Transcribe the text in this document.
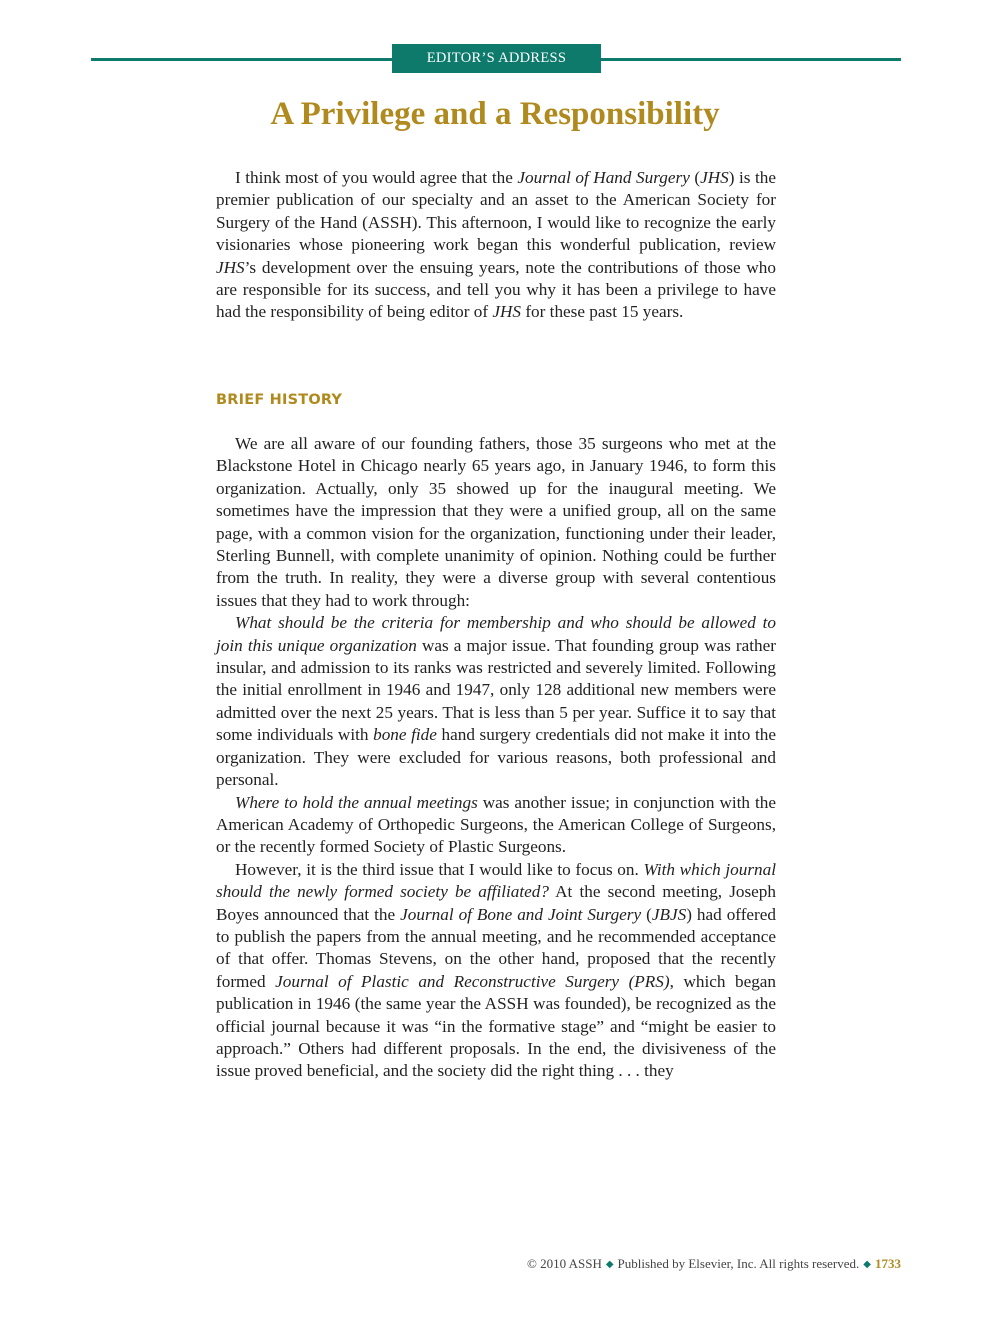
EDITOR’S ADDRESS
A Privilege and a Responsibility

I think most of you would agree that the Journal of Hand Surgery (JHS) is the premier publication of our specialty and an asset to the American Society for Surgery of the Hand (ASSH). This afternoon, I would like to recognize the early visionaries whose pioneering work began this wonderful publication, review JHS’s development over the ensuing years, note the contributions of those who are responsible for its success, and tell you why it has been a privilege to have had the responsibility of being editor of JHS for these past 15 years.

BRIEF HISTORY

We are all aware of our founding fathers, those 35 surgeons who met at the Blackstone Hotel in Chicago nearly 65 years ago, in January 1946, to form this organization. Actually, only 35 showed up for the inaugural meeting. We sometimes have the impression that they were a unified group, all on the same page, with a common vision for the organization, functioning under their leader, Sterling Bunnell, with complete unanimity of opinion. Nothing could be further from the truth. In reality, they were a diverse group with several contentious issues that they had to work through:

What should be the criteria for membership and who should be allowed to join this unique organization was a major issue. That founding group was rather insular, and admission to its ranks was restricted and severely limited. Following the initial enrollment in 1946 and 1947, only 128 additional new members were admitted over the next 25 years. That is less than 5 per year. Suffice it to say that some individuals with bone fide hand surgery credentials did not make it into the organization. They were excluded for various reasons, both professional and personal.

Where to hold the annual meetings was another issue; in conjunction with the American Academy of Orthopedic Surgeons, the American College of Surgeons, or the recently formed Society of Plastic Surgeons.

However, it is the third issue that I would like to focus on. With which journal should the newly formed society be affiliated? At the second meeting, Joseph Boyes announced that the Journal of Bone and Joint Surgery (JBJS) had offered to publish the papers from the annual meeting, and he recommended acceptance of that offer. Thomas Stevens, on the other hand, proposed that the recently formed Journal of Plastic and Reconstructive Surgery (PRS), which began publication in 1946 (the same year the ASSH was founded), be recognized as the official journal because it was “in the formative stage” and “might be easier to approach.” Others had different proposals. In the end, the divisiveness of the issue proved beneficial, and the society did the right thing . . . they

© 2010 ASSH ◆ Published by Elsevier, Inc. All rights reserved. ◆ 1733
